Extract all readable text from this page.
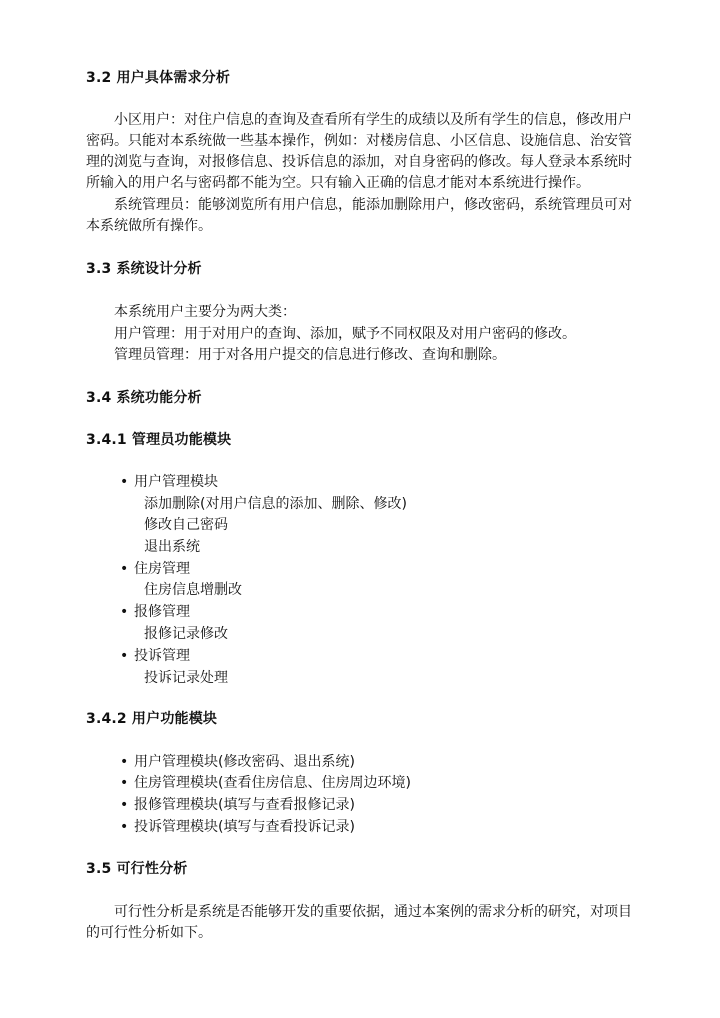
3.2 用户具体需求分析
小区用户：对住户信息的查询及查看所有学生的成绩以及所有学生的信息，修改用户
密码。只能对本系统做一些基本操作，例如：对楼房信息、小区信息、设施信息、治安管
理的浏览与查询，对报修信息、投诉信息的添加，对自身密码的修改。每人登录本系统时
所输入的用户名与密码都不能为空。只有输入正确的信息才能对本系统进行操作。
系统管理员：能够浏览所有用户信息，能添加删除用户，修改密码，系统管理员可对
本系统做所有操作。
3.3 系统设计分析
本系统用户主要分为两大类：
用户管理：用于对用户的查询、添加，赋予不同权限及对用户密码的修改。
管理员管理：用于对各用户提交的信息进行修改、查询和删除。
3.4 系统功能分析
3.4.1 管理员功能模块
• 用户管理模块
添加删除(对用户信息的添加、删除、修改)
修改自己密码
退出系统
• 住房管理
住房信息增删改
• 报修管理
报修记录修改
• 投诉管理
投诉记录处理
3.4.2 用户功能模块
• 用户管理模块(修改密码、退出系统)
• 住房管理模块(查看住房信息、住房周边环境)
• 报修管理模块(填写与查看报修记录)
• 投诉管理模块(填写与查看投诉记录)
3.5 可行性分析
可行性分析是系统是否能够开发的重要依据，通过本案例的需求分析的研究，对项目
的可行性分析如下。
